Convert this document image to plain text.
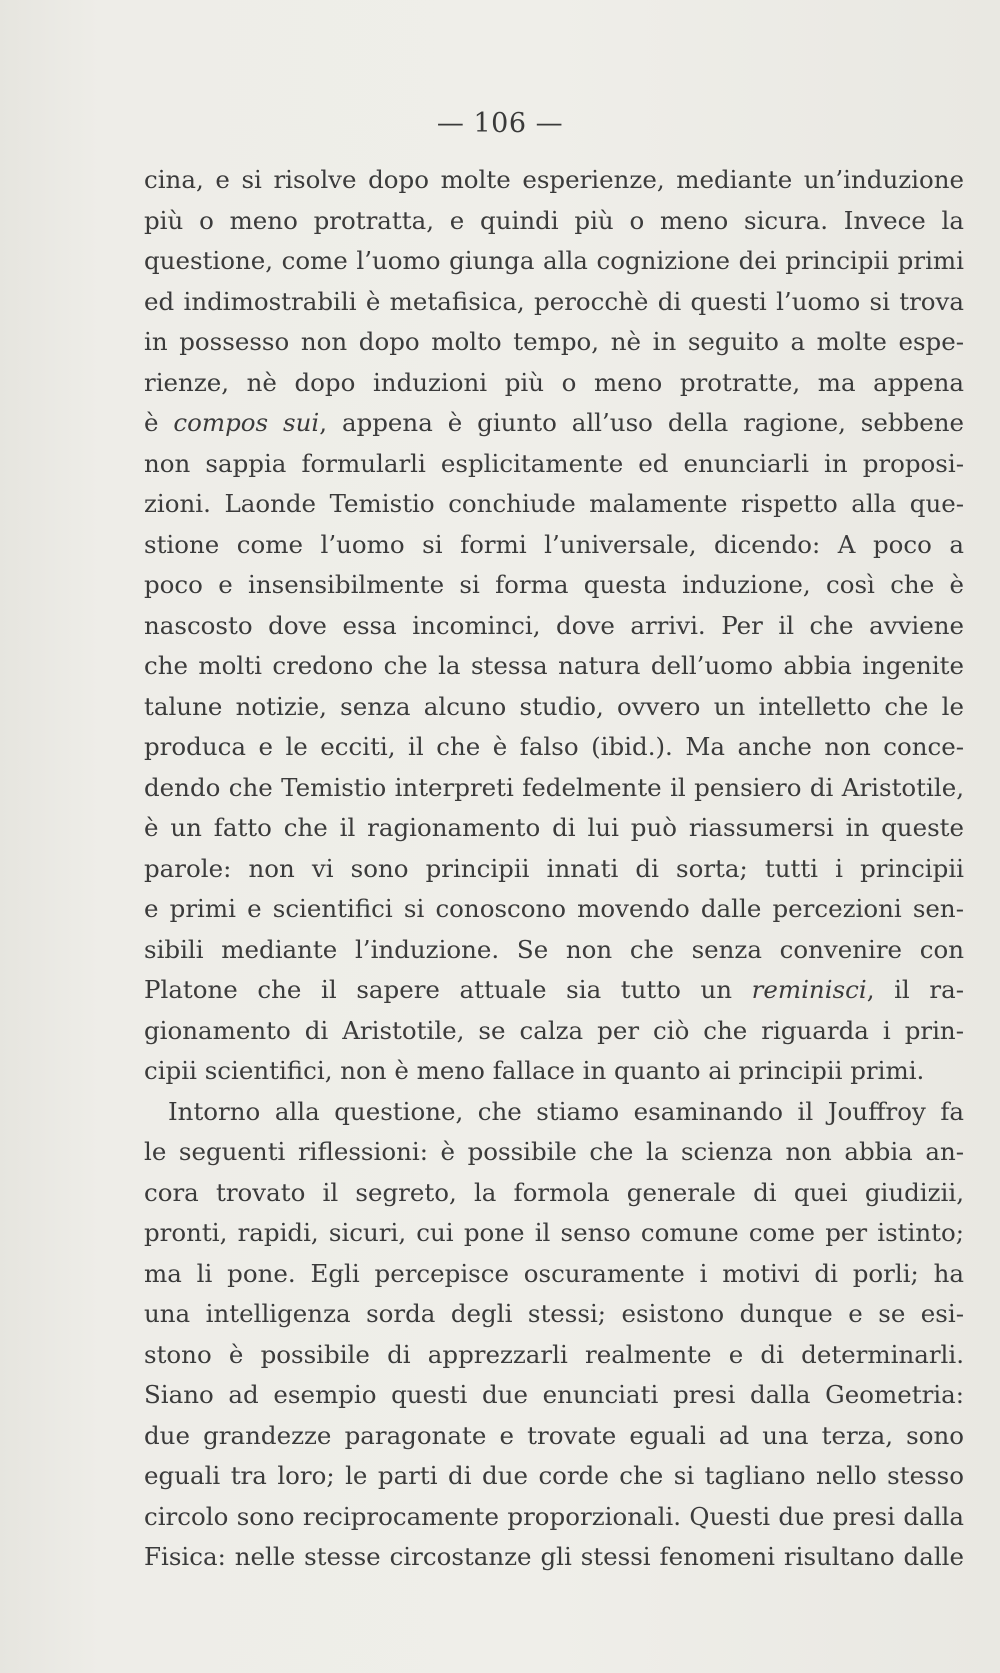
— 106 —
cina, e si risolve dopo molte esperienze, mediante un’induzione
più o meno protratta, e quindi più o meno sicura. Invece la
questione, come l’uomo giunga alla cognizione dei principii primi
ed indimostrabili è metafisica, perocchè di questi l’uomo si trova
in possesso non dopo molto tempo, nè in seguito a molte espe-
rienze, nè dopo induzioni più o meno protratte, ma appena
è compos sui, appena è giunto all’uso della ragione, sebbene
non sappia formularli esplicitamente ed enunciarli in proposi-
zioni. Laonde Temistio conchiude malamente rispetto alla que-
stione come l’uomo si formi l’universale, dicendo: A poco a
poco e insensibilmente si forma questa induzione, così che è
nascosto dove essa incominci, dove arrivi. Per il che avviene
che molti credono che la stessa natura dell’uomo abbia ingenite
talune notizie, senza alcuno studio, ovvero un intelletto che le
produca e le ecciti, il che è falso (ibid.). Ma anche non conce-
dendo che Temistio interpreti fedelmente il pensiero di Aristotile,
è un fatto che il ragionamento di lui può riassumersi in queste
parole: non vi sono principii innati di sorta; tutti i principii
e primi e scientifici si conoscono movendo dalle percezioni sen-
sibili mediante l’induzione. Se non che senza convenire con
Platone che il sapere attuale sia tutto un reminisci, il ra-
gionamento di Aristotile, se calza per ciò che riguarda i prin-
cipii scientifici, non è meno fallace in quanto ai principii primi.
Intorno alla questione, che stiamo esaminando il Jouffroy fa
le seguenti riflessioni: è possibile che la scienza non abbia an-
cora trovato il segreto, la formola generale di quei giudizii,
pronti, rapidi, sicuri, cui pone il senso comune come per istinto;
ma li pone. Egli percepisce oscuramente i motivi di porli; ha
una intelligenza sorda degli stessi; esistono dunque e se esi-
stono è possibile di apprezzarli realmente e di determinarli.
Siano ad esempio questi due enunciati presi dalla Geometria:
due grandezze paragonate e trovate eguali ad una terza, sono
eguali tra loro; le parti di due corde che si tagliano nello stesso
circolo sono reciprocamente proporzionali. Questi due presi dalla
Fisica: nelle stesse circostanze gli stessi fenomeni risultano dalle
